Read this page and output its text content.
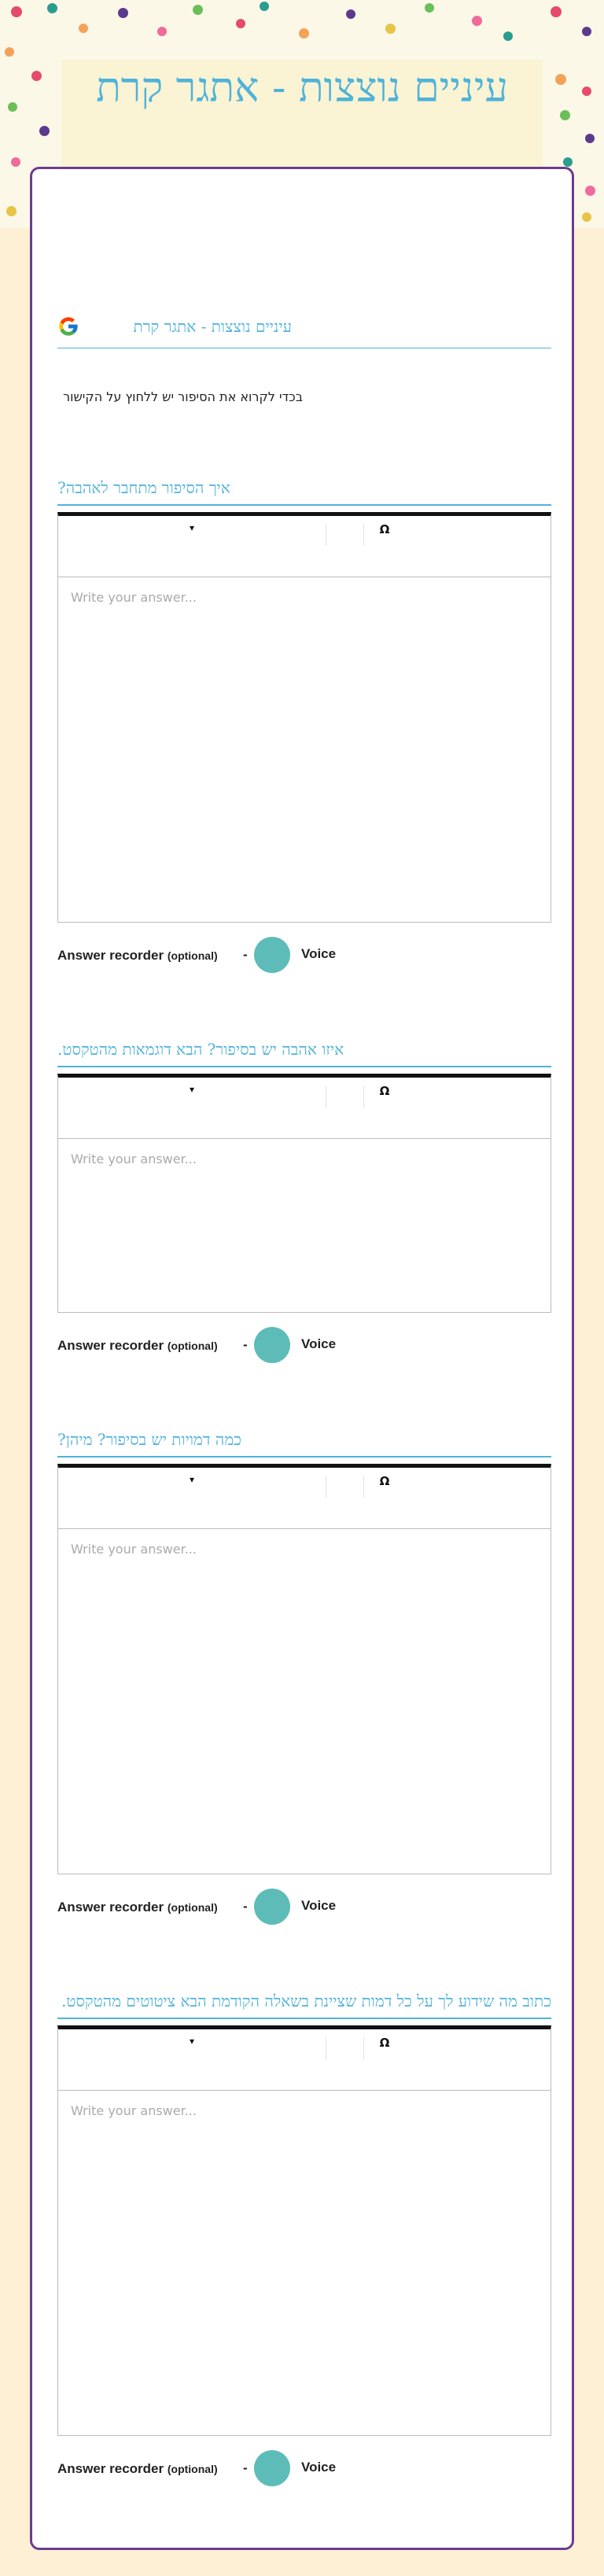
עיניים נוצצות - אתגר קרת
עיניים נוצצות - אתגר קרת
בכדי לקרוא את הסיפור יש ללחוץ על הקישור
איך הסיפור מתחבר לאהבה?
▾	Ω
Write your answer...
Answer recorder (optional) -	Voice
איזו אהבה יש בסיפור? הבא דוגמאות מהטקסט.
▾	Ω
Write your answer...
Answer recorder (optional) -	Voice
כמה דמויות יש בסיפור? מיהן?
▾	Ω
Write your answer...
Answer recorder (optional) -	Voice
כתוב מה שידוע לך על כל דמות שציינת בשאלה הקודמת הבא ציטוטים מהטקסט.
▾	Ω
Write your answer...
Answer recorder (optional) -	Voice
